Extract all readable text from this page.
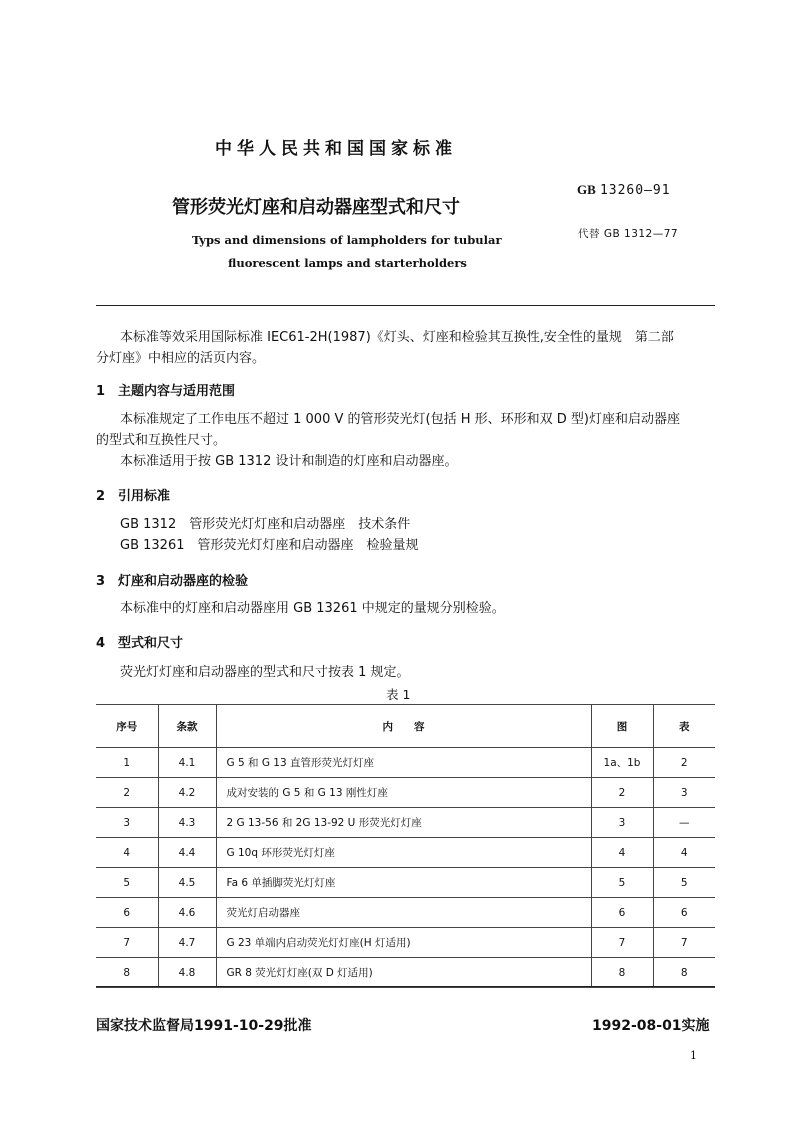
中华人民共和国国家标准
管形荧光灯座和启动器座型式和尺寸
Typs and dimensions of lampholders for tubular
fluorescent lamps and starterholders
GB 13260—91
代替 GB 1312—77
本标准等效采用国际标准 IEC61-2H(1987)《灯头、灯座和检验其互换性,安全性的量规　第二部
分灯座》中相应的活页内容。
1　主题内容与适用范围
本标准规定了工作电压不超过 1 000 V 的管形荧光灯(包括 H 形、环形和双 D 型)灯座和启动器座
的型式和互换性尺寸。
本标准适用于按 GB 1312 设计和制造的灯座和启动器座。
2　引用标准
GB 1312　管形荧光灯灯座和启动器座　技术条件
GB 13261　管形荧光灯灯座和启动器座　检验量规
3　灯座和启动器座的检验
本标准中的灯座和启动器座用 GB 13261 中规定的量规分别检验。
4　型式和尺寸
荧光灯灯座和启动器座的型式和尺寸按表 1 规定。
表 1
序号	条款	内　　容	图	表
1	4.1	G 5 和 G 13 直管形荧光灯灯座	1a、1b	2
2	4.2	成对安装的 G 5 和 G 13 刚性灯座	2	3
3	4.3	2 G 13-56 和 2G 13-92 U 形荧光灯灯座	3	—
4	4.4	G 10q 环形荧光灯灯座	4	4
5	4.5	Fa 6 单插脚荧光灯灯座	5	5
6	4.6	荧光灯启动器座	6	6
7	4.7	G 23 单端内启动荧光灯灯座(H 灯适用)	7	7
8	4.8	GR 8 荧光灯灯座(双 D 灯适用)	8	8
国家技术监督局1991-10-29批准	1992-08-01实施
1
